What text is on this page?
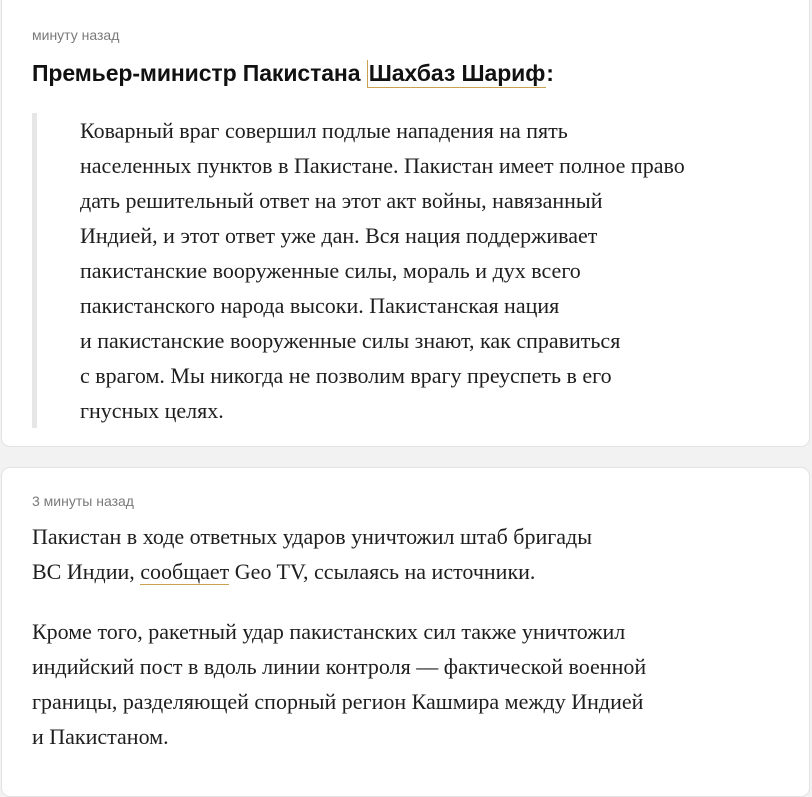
минуту назад
Премьер-министр Пакистана Шахбаз Шариф:

Коварный враг совершил подлые нападения на пять
населенных пунктов в Пакистане. Пакистан имеет полное право
дать решительный ответ на этот акт войны, навязанный
Индией, и этот ответ уже дан. Вся нация поддерживает
пакистанские вооруженные силы, мораль и дух всего
пакистанского народа высоки. Пакистанская нация
и пакистанские вооруженные силы знают, как справиться
с врагом. Мы никогда не позволим врагу преуспеть в его
гнусных целях.

3 минуты назад

Пакистан в ходе ответных ударов уничтожил штаб бригады
ВС Индии, сообщает Geo TV, ссылаясь на источники.

Кроме того, ракетный удар пакистанских сил также уничтожил
индийский пост в вдоль линии контроля — фактической военной
границы, разделяющей спорный регион Кашмира между Индией
и Пакистаном.
